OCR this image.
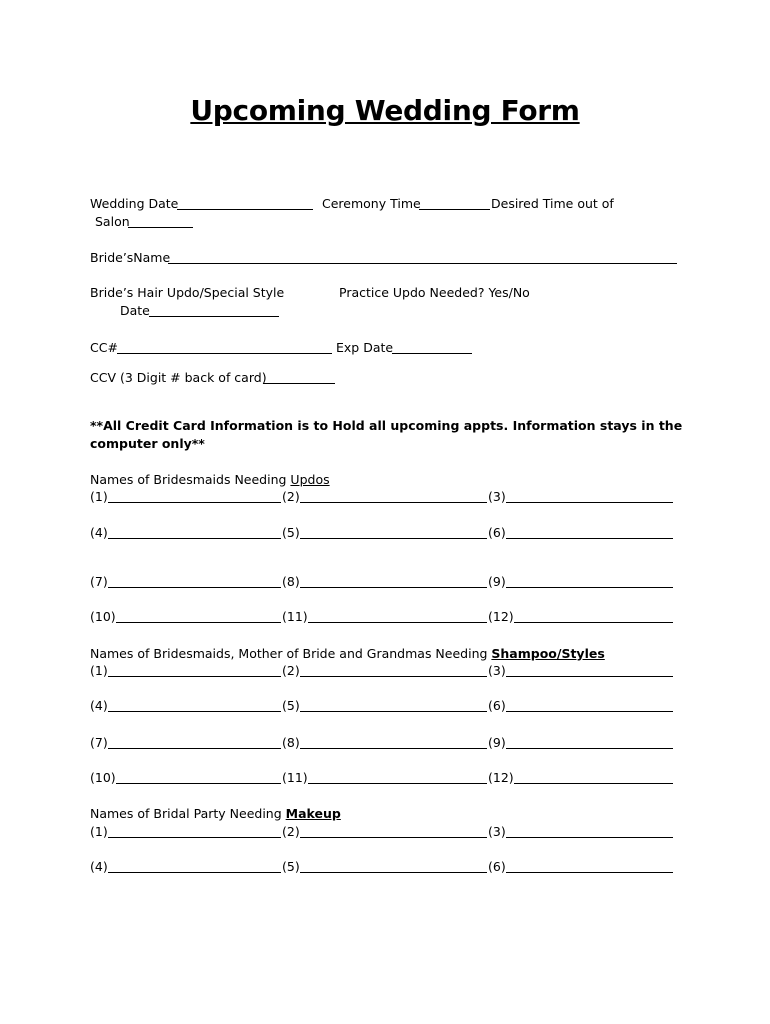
Upcoming Wedding Form
Wedding Date	Ceremony Time	Desired Time out of
Salon
Bride’sName
Bride’s Hair Updo/Special Style	Practice Updo Needed? Yes/No
Date
CC#	Exp Date
CCV (3 Digit # back of card)
**All Credit Card Information is to Hold all upcoming appts. Information stays in the
computer only**
Names of Bridesmaids Needing Updos
(1)	(2)	(3)
(4)	(5)	(6)
(7)	(8)	(9)
(10)	(11)	(12)
Names of Bridesmaids, Mother of Bride and Grandmas Needing Shampoo/Styles
(1)	(2)	(3)
(4)	(5)	(6)
(7)	(8)	(9)
(10)	(11)	(12)
Names of Bridal Party Needing Makeup
(1)	(2)	(3)
(4)	(5)	(6)
